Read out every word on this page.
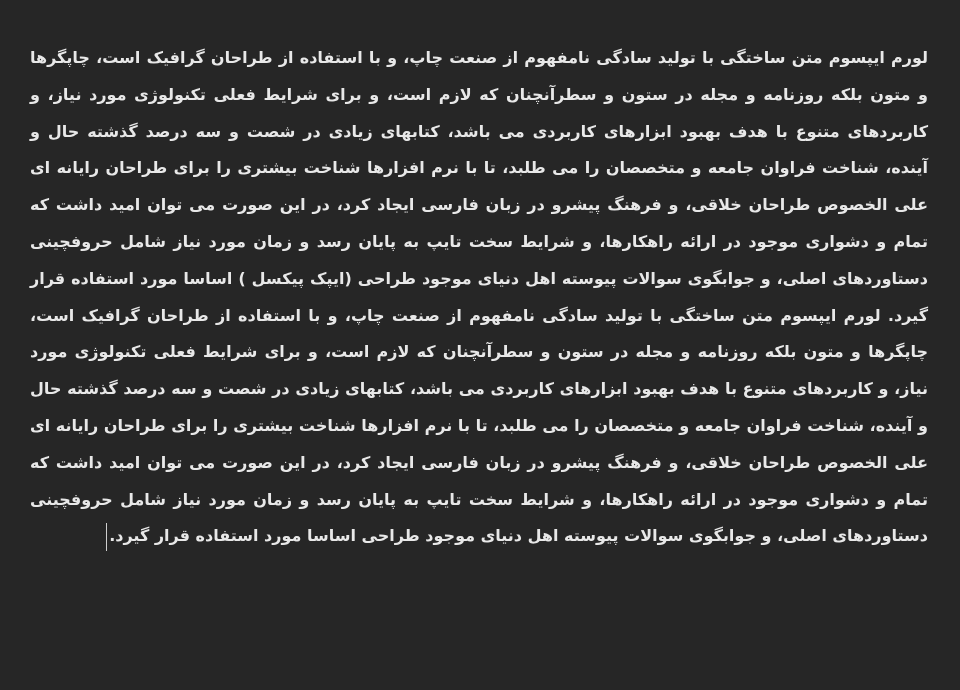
لورم ایپسوم متن ساختگی با تولید سادگی نامفهوم از صنعت چاپ، و با استفاده از طراحان گرافیک است، چاپگرها و متون بلکه روزنامه و مجله در ستون و سطرآنچنان که لازم است، و برای شرایط فعلی تکنولوژی مورد نیاز، و کاربردهای متنوع با هدف بهبود ابزارهای کاربردی می باشد، کتابهای زیادی در شصت و سه درصد گذشته حال و آینده، شناخت فراوان جامعه و متخصصان را می طلبد، تا با نرم افزارها شناخت بیشتری را برای طراحان رایانه ای علی الخصوص طراحان خلاقی، و فرهنگ پیشرو در زبان فارسی ایجاد کرد، در این صورت می توان امید داشت که تمام و دشواری موجود در ارائه راهکارها، و شرایط سخت تایپ به پایان رسد و زمان مورد نیاز شامل حروفچینی دستاوردهای اصلی، و جوابگوی سوالات پیوسته اهل دنیای موجود طراحی (ایپک پیکسل ) اساسا مورد استفاده قرار گیرد. لورم ایپسوم متن ساختگی با تولید سادگی نامفهوم از صنعت چاپ، و با استفاده از طراحان گرافیک است، چاپگرها و متون بلکه روزنامه و مجله در ستون و سطرآنچنان که لازم است، و برای شرایط فعلی تکنولوژی مورد نیاز، و کاربردهای متنوع با هدف بهبود ابزارهای کاربردی می باشد، کتابهای زیادی در شصت و سه درصد گذشته حال و آینده، شناخت فراوان جامعه و متخصصان را می طلبد، تا با نرم افزارها شناخت بیشتری را برای طراحان رایانه ای علی الخصوص طراحان خلاقی، و فرهنگ پیشرو در زبان فارسی ایجاد کرد، در این صورت می توان امید داشت که تمام و دشواری موجود در ارائه راهکارها، و شرایط سخت تایپ به پایان رسد و زمان مورد نیاز شامل حروفچینی دستاوردهای اصلی، و جوابگوی سوالات پیوسته اهل دنیای موجود طراحی اساسا مورد استفاده قرار گیرد.
